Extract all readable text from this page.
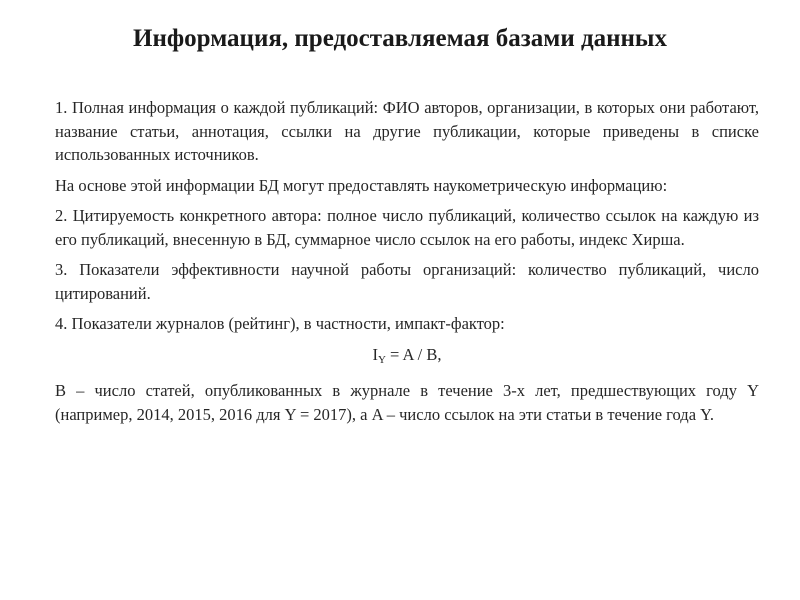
Информация, предоставляемая базами данных

1. Полная информация о каждой публикаций: ФИО авторов, организации, в которых они работают, название статьи, аннотация, ссылки на другие публикации, которые приведены в списке использованных источников.

На основе этой информации БД могут предоставлять наукометрическую информацию:

2. Цитируемость конкретного автора: полное число публикаций, количество ссылок на каждую из его публикаций, внесенную в БД, суммарное число ссылок на его работы, индекс Хирша.

3. Показатели эффективности научной работы организаций: количество публикаций, число цитирований.

4. Показатели журналов (рейтинг), в частности, импакт-фактор:

$I_Y = A / B$,

B – число статей, опубликованных в журнале в течение 3-х лет, предшествующих году Y (например, 2014, 2015, 2016 для Y = 2017), а A – число ссылок на эти статьи в течение года Y.
